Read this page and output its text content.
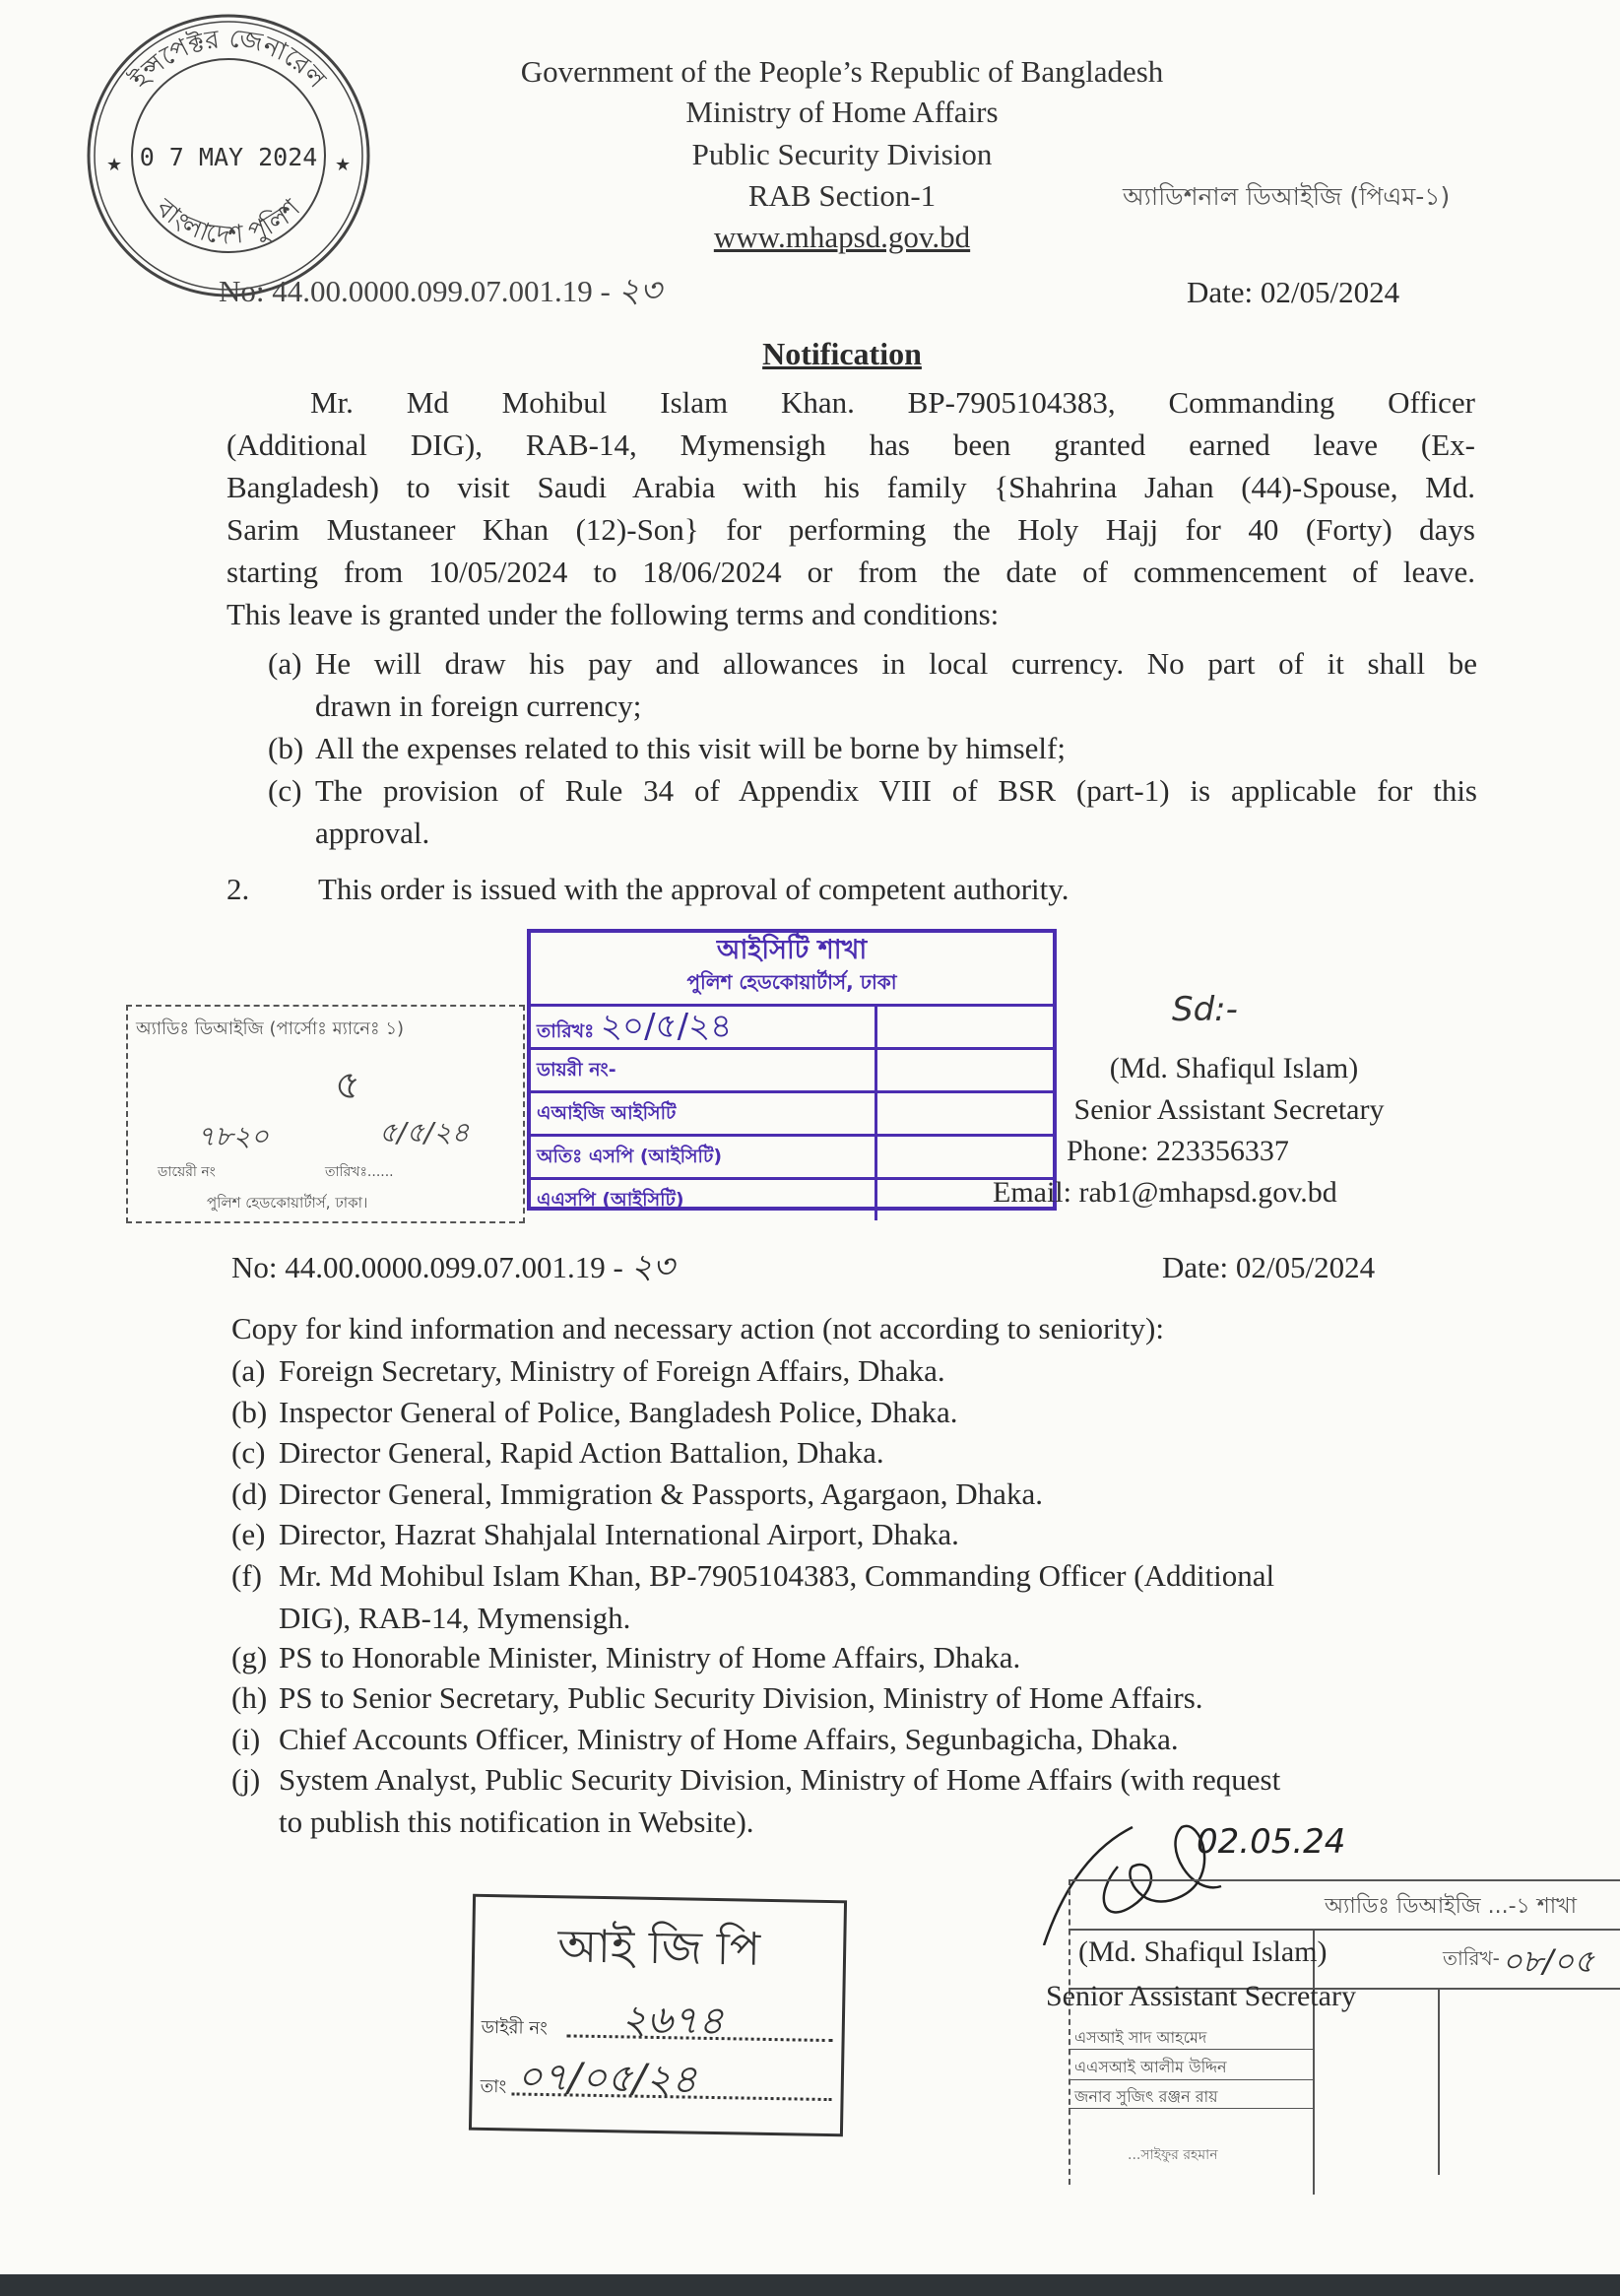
ইন্সপেক্টর জেনারেল
বাংলাদেশ পুলিশ
0 7 MAY 2024
★	★
Government of the People’s Republic of Bangladesh
Ministry of Home Affairs
Public Security Division
RAB Section-1
www.mhapsd.gov.bd
অ্যাডিশনাল ডিআইজি (পিএম-১)
No: 44.00.0000.099.07.001.19 - ২৩	Date: 02/05/2024
Notification
Mr. Md Mohibul Islam Khan. BP-7905104383, Commanding Officer
(Additional DIG), RAB-14, Mymensigh has been granted earned leave (Ex-
Bangladesh) to visit Saudi Arabia with his family {Shahrina Jahan (44)-Spouse, Md.
Sarim Mustaneer Khan (12)-Son} for performing the Holy Hajj for 40 (Forty) days
starting from 10/05/2024 to 18/06/2024 or from the date of commencement of leave.
This leave is granted under the following terms and conditions:
(a) He will draw his pay and allowances in local currency. No part of it shall be
drawn in foreign currency;
(b) All the expenses related to this visit will be borne by himself;
(c) The provision of Rule 34 of Appendix VIII of BSR (part-1) is applicable for this
approval.
2. This order is issued with the approval of competent authority.
অ্যাডিঃ ডিআইজি (পার্সোঃ ম্যানেঃ ১)
৫
৭৮২০	৫/৫/২৪
ডায়েরী নং	তারিখঃ......
পুলিশ হেডকোয়ার্টার্স, ঢাকা।
আইসিটি শাখা
পুলিশ হেডকোয়ার্টার্স, ঢাকা
তারিখঃ ২০/৫/২৪
ডায়রী নং-
এআইজি আইসিটি
অতিঃ এসপি (আইসিটি)
এএসপি (আইসিটি)
Sd:-
(Md. Shafiqul Islam)
Senior Assistant Secretary
Phone: 223356337
Email: rab1@mhapsd.gov.bd
No: 44.00.0000.099.07.001.19 - ২৩	Date: 02/05/2024
Copy for kind information and necessary action (not according to seniority):
(a) Foreign Secretary, Ministry of Foreign Affairs, Dhaka.
(b) Inspector General of Police, Bangladesh Police, Dhaka.
(c) Director General, Rapid Action Battalion, Dhaka.
(d) Director General, Immigration & Passports, Agargaon, Dhaka.
(e) Director, Hazrat Shahjalal International Airport, Dhaka.
(f) Mr. Md Mohibul Islam Khan, BP-7905104383, Commanding Officer (Additional
DIG), RAB-14, Mymensigh.
(g) PS to Honorable Minister, Ministry of Home Affairs, Dhaka.
(h) PS to Senior Secretary, Public Security Division, Ministry of Home Affairs.
(i) Chief Accounts Officer, Ministry of Home Affairs, Segunbagicha, Dhaka.
(j) System Analyst, Public Security Division, Ministry of Home Affairs (with request
to publish this notification in Website).
02.05.24
অ্যাডিঃ ডিআইজি ...-১ শাখা
তারিখ- ০৮/০৫
এসআই সাদ আহমেদ
এএসআই আলীম উদ্দিন
জনাব সুজিৎ রঞ্জন রায়
...সাইফুর রহমান
(Md. Shafiqul Islam)
Senior Assistant Secretary
আই জি পি
ডাইরী নং ২৬৭৪
তাং ০৭/০৫/২৪
